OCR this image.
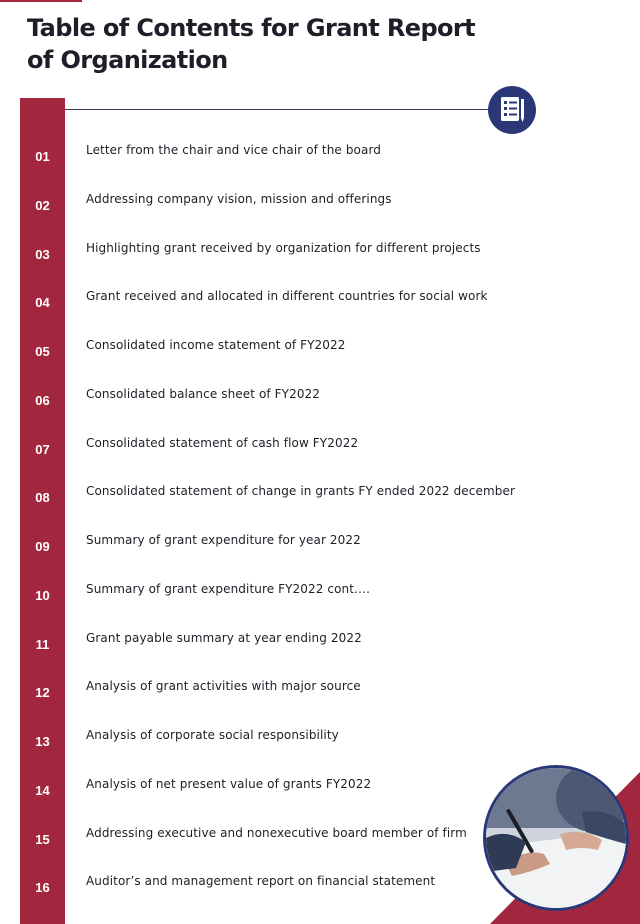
Table of Contents for Grant Report of Organization
01	Letter from the chair and vice chair of the board
02	Addressing company vision, mission and offerings
03	Highlighting grant received by organization for different projects
04	Grant received and allocated in different countries for social work
05	Consolidated income statement of FY2022
06	Consolidated balance sheet of FY2022
07	Consolidated statement of cash flow FY2022
08	Consolidated statement of change in grants FY ended 2022 december
09	Summary of grant expenditure for year 2022
10	Summary of grant expenditure FY2022 cont….
11	Grant payable summary at year ending 2022
12	Analysis of grant activities with major source
13	Analysis of corporate social responsibility
14	Analysis of net present value of grants FY2022
15	Addressing executive and nonexecutive board member of firm
16	Auditor’s and management report on financial statement
